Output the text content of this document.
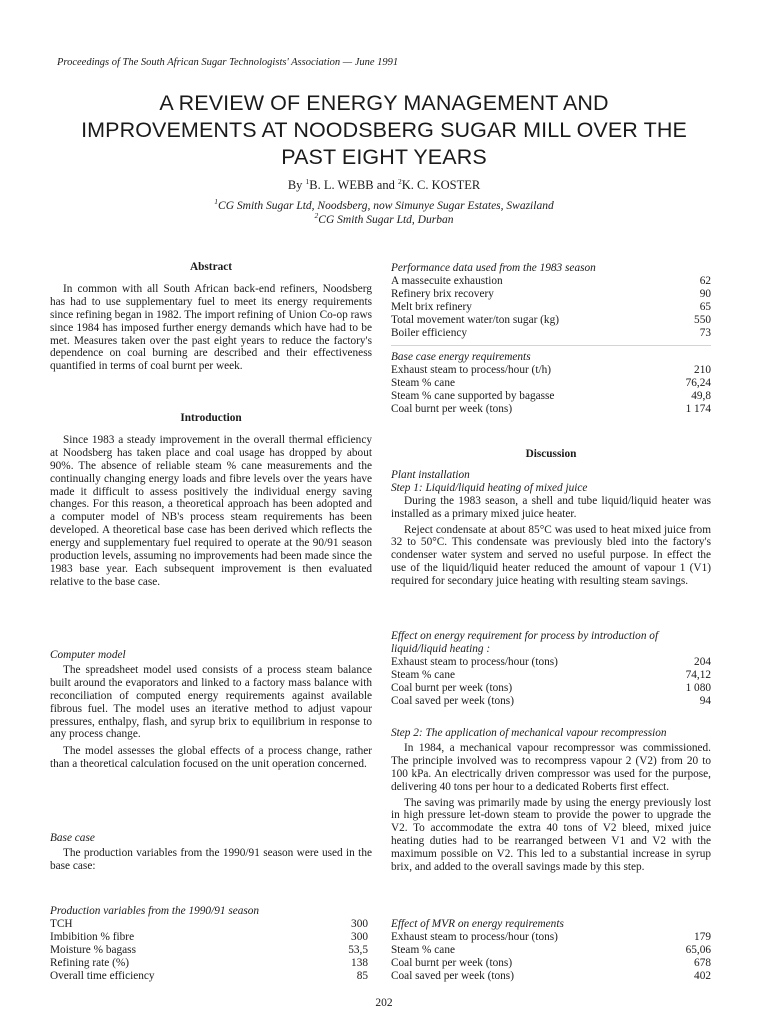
Proceedings of The South African Sugar Technologists' Association — June 1991
A REVIEW OF ENERGY MANAGEMENT AND
IMPROVEMENTS AT NOODSBERG SUGAR MILL OVER THE
PAST EIGHT YEARS
By $^1$B. L. WEBB and $^2$K. C. KOSTER
$^1$CG Smith Sugar Ltd, Noodsberg, now Simunye Sugar Estates, Swaziland
$^2$CG Smith Sugar Ltd, Durban
Abstract

In common with all South African back-end refiners, Noodsberg has had to use supplementary fuel to meet its energy requirements since refining began in 1982. The import refining of Union Co-op raws since 1984 has imposed further energy demands which have had to be met. Measures taken over the past eight years to reduce the factory's dependence on coal burning are described and their effectiveness quantified in terms of coal burnt per week.

Introduction

Since 1983 a steady improvement in the overall thermal efficiency at Noodsberg has taken place and coal usage has dropped by about 90%. The absence of reliable steam % cane measurements and the continually changing energy loads and fibre levels over the years have made it difficult to assess positively the individual energy saving changes. For this reason, a theoretical approach has been adopted and a computer model of NB's process steam requirements has been developed. A theoretical base case has been derived which reflects the energy and supplementary fuel required to operate at the 90/91 season production levels, assuming no improvements had been made since the 1983 base year. Each subsequent improvement is then evaluated relative to the base case.

Computer model

The spreadsheet model used consists of a process steam balance built around the evaporators and linked to a factory mass balance with reconciliation of computed energy requirements against available fibrous fuel. The model uses an iterative method to adjust vapour pressures, enthalpy, flash, and syrup brix to equilibrium in response to any process change.

The model assesses the global effects of a process change, rather than a theoretical calculation focused on the unit operation concerned.

Base case

The production variables from the 1990/91 season were used in the base case:

Production variables from the 1990/91 season
TCH	300
Imbibition % fibre	300
Moisture % bagass	53,5
Refining rate (%)	138
Overall time efficiency	85
Performance data used from the 1983 season
A massecuite exhaustion	62
Refinery brix recovery	90
Melt brix refinery	65
Total movement water/ton sugar (kg)	550
Boiler efficiency	73
Base case energy requirements
Exhaust steam to process/hour (t/h)	210
Steam % cane	76,24
Steam % cane supported by bagasse	49,8
Coal burnt per week (tons)	1 174
Discussion
Plant installation
Step 1: Liquid/liquid heating of mixed juice

During the 1983 season, a shell and tube liquid/liquid heater was installed as a primary mixed juice heater.

Reject condensate at about 85°C was used to heat mixed juice from 32 to 50°C. This condensate was previously bled into the factory's condenser water system and served no useful purpose. In effect the use of the liquid/liquid heater reduced the amount of vapour 1 (V1) required for secondary juice heating with resulting steam savings.

Effect on energy requirement for process by introduction of liquid/liquid heating :
Exhaust steam to process/hour (tons)	204
Steam % cane	74,12
Coal burnt per week (tons)	1 080
Coal saved per week (tons)	94
Step 2: The application of mechanical vapour recompression

In 1984, a mechanical vapour recompressor was commissioned. The principle involved was to recompress vapour 2 (V2) from 20 to 100 kPa. An electrically driven compressor was used for the purpose, delivering 40 tons per hour to a dedicated Roberts first effect.

The saving was primarily made by using the energy previously lost in high pressure let-down steam to provide the power to upgrade the V2. To accommodate the extra 40 tons of V2 bleed, mixed juice heating duties had to be rearranged between V1 and V2 with the maximum possible on V2. This led to a substantial increase in syrup brix, and added to the overall savings made by this step.

Effect of MVR on energy requirements
Exhaust steam to process/hour (tons)	179
Steam % cane	65,06
Coal burnt per week (tons)	678
Coal saved per week (tons)	402
202
